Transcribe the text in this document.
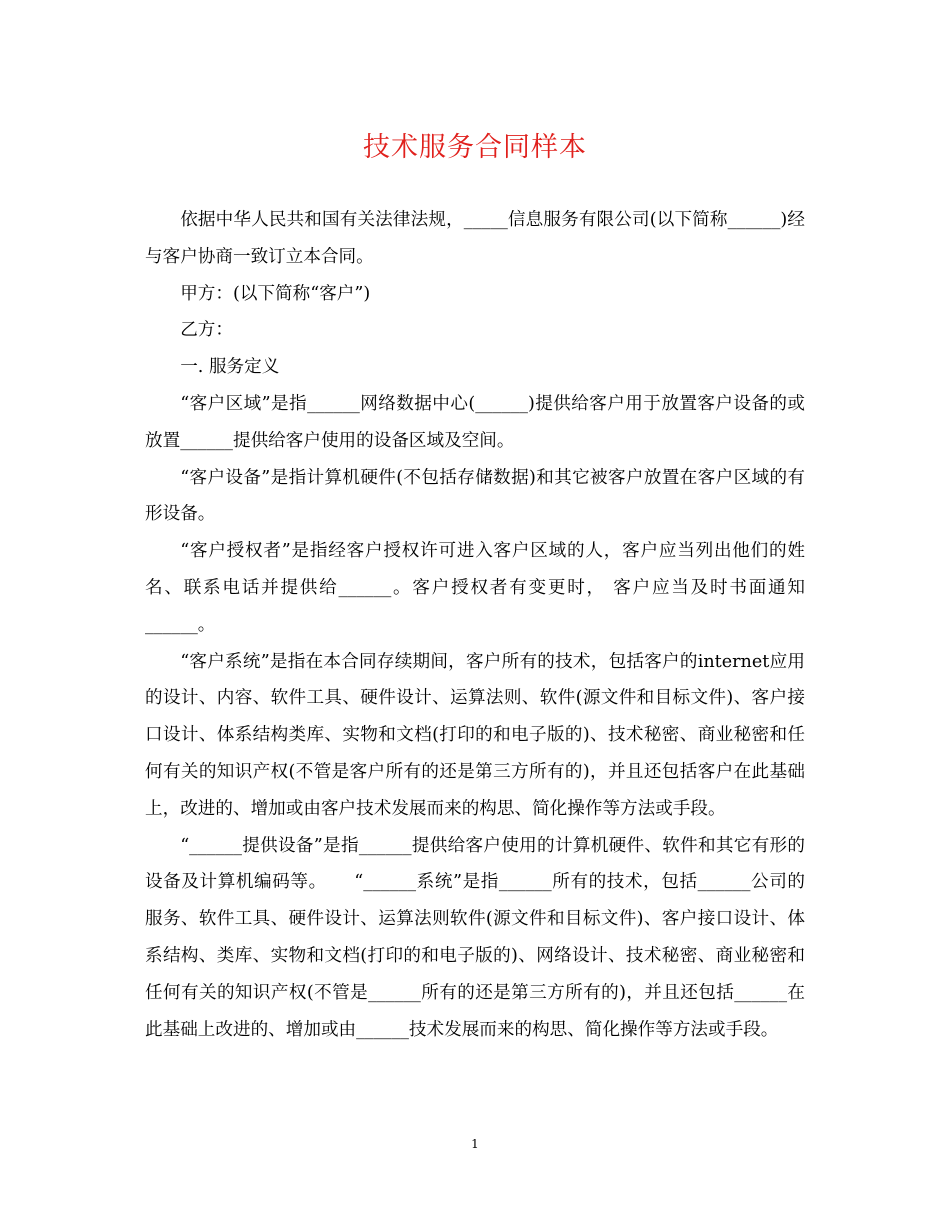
技术服务合同样本

依据中华人民共和国有关法律法规，_____信息服务有限公司(以下简称______)经与客户协商一致订立本合同。

甲方：(以下简称“客户”)

乙方：

一. 服务定义

“客户区域”是指______网络数据中心(______)提供给客户用于放置客户设备的或放置______提供给客户使用的设备区域及空间。

“客户设备”是指计算机硬件(不包括存储数据)和其它被客户放置在客户区域的有形设备。

“客户授权者”是指经客户授权许可进入客户区域的人，客户应当列出他们的姓名、联系电话并提供给______。客户授权者有变更时， 客户应当及时书面通知______。

“客户系统”是指在本合同存续期间，客户所有的技术，包括客户的internet应用的设计、内容、软件工具、硬件设计、运算法则、软件(源文件和目标文件)、客户接口设计、体系结构类库、实物和文档(打印的和电子版的)、技术秘密、商业秘密和任何有关的知识产权(不管是客户所有的还是第三方所有的)，并且还包括客户在此基础上，改进的、增加或由客户技术发展而来的构思、简化操作等方法或手段。

“______提供设备”是指______提供给客户使用的计算机硬件、软件和其它有形的设备及计算机编码等。　　“______系统”是指______所有的技术，包括______公司的服务、软件工具、硬件设计、运算法则软件(源文件和目标文件)、客户接口设计、体系结构、类库、实物和文档(打印的和电子版的)、网络设计、技术秘密、商业秘密和任何有关的知识产权(不管是______所有的还是第三方所有的)，并且还包括______在此基础上改进的、增加或由______技术发展而来的构思、简化操作等方法或手段。

1
